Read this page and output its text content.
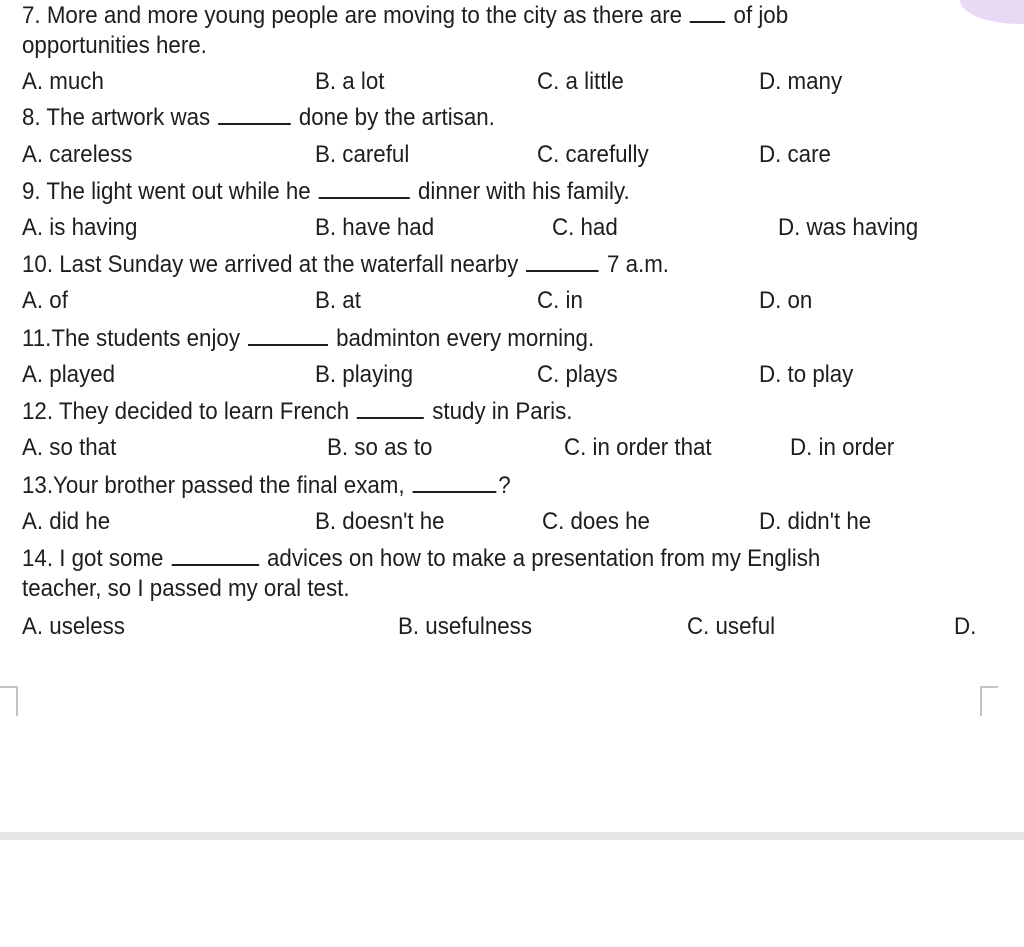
7. More and more young people are moving to the city as there are of job
opportunities here.
A. much	B. a lot	C. a little	D. many
8. The artwork was	done by the artisan.
A. careless	B. careful	C. carefully	D. care
9. The light went out while he	dinner with his family.
A. is having	B. have had	C. had	D. was having
10. Last Sunday we arrived at the waterfall nearby	7 a.m.
A. of	B. at	C. in	D. on
11.The students enjoy	badminton every morning.
A. played	B. playing	C. plays	D. to play
12. They decided to learn French	study in Paris.
A. so that	B. so as to	C. in order that	D. in order
13.Your brother passed the final exam,	?
A. did he	B. doesn't he	C. does he	D. didn't he
14. I got some	advices on how to make a presentation from my English
teacher, so I passed my oral test.
A. useless	B. usefulness	C. useful	D.
